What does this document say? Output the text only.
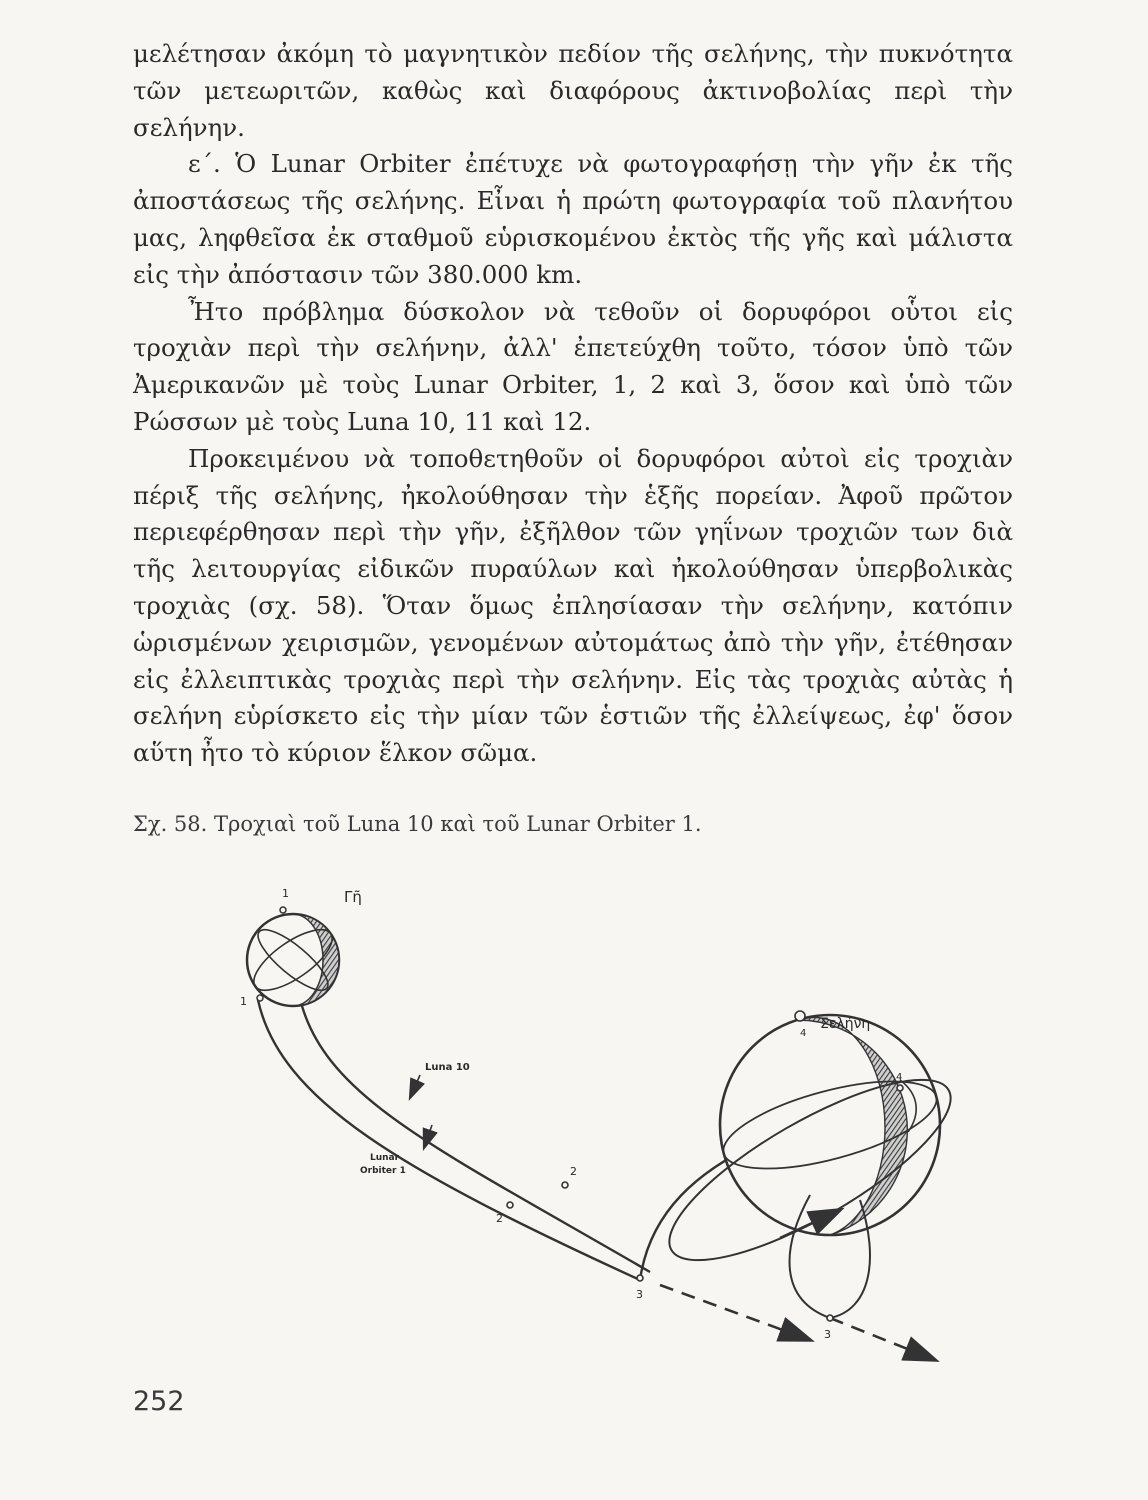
μελέτησαν ἀκόμη τὸ μαγνητικὸν πεδίον τῆς σελήνης, τὴν πυκνότητα τῶν μετεωριτῶν, καθὼς καὶ διαφόρους ἀκτινοβολίας περὶ τὴν σελήνην.

ε΄. Ὁ Lunar Orbiter ἐπέτυχε νὰ φωτογραφήσῃ τὴν γῆν ἐκ τῆς ἀποστάσεως τῆς σελήνης. Εἶναι ἡ πρώτη φωτογραφία τοῦ πλανήτου μας, ληφθεῖσα ἐκ σταθμοῦ εὑρισκομένου ἐκτὸς τῆς γῆς καὶ μάλιστα εἰς τὴν ἀπόστασιν τῶν 380.000 km.

Ἦτο πρόβλημα δύσκολον νὰ τεθοῦν οἱ δορυφόροι οὗτοι εἰς τροχιὰν περὶ τὴν σελήνην, ἀλλ' ἐπετεύχθη τοῦτο, τόσον ὑπὸ τῶν Ἀμερικανῶν μὲ τοὺς Lunar Orbiter, 1, 2 καὶ 3, ὅσον καὶ ὑπὸ τῶν Ρώσσων μὲ τοὺς Luna 10, 11 καὶ 12.

Προκειμένου νὰ τοποθετηθοῦν οἱ δορυφόροι αὐτοὶ εἰς τροχιὰν πέριξ τῆς σελήνης, ἠκολούθησαν τὴν ἑξῆς πορείαν. Ἀφοῦ πρῶτον περιεφέρθησαν περὶ τὴν γῆν, ἐξῆλθον τῶν γηΐνων τροχιῶν των διὰ τῆς λειτουργίας εἰδικῶν πυραύλων καὶ ἠκολούθησαν ὑπερβολικὰς τροχιὰς (σχ. 58). Ὅταν ὅμως ἐπλησίασαν τὴν σελήνην, κατόπιν ὡρισμένων χειρισμῶν, γενομένων αὐτομάτως ἀπὸ τὴν γῆν, ἐτέθησαν εἰς ἐλλειπτικὰς τροχιὰς περὶ τὴν σελήνην. Εἰς τὰς τροχιὰς αὐτὰς ἡ σελήνη εὑρίσκετο εἰς τὴν μίαν τῶν ἑστιῶν τῆς ἐλλείψεως, ἐφ' ὅσον αὕτη ἦτο τὸ κύριον ἕλκον σῶμα.

Σχ. 58. Τροχιαὶ τοῦ Luna 10 καὶ τοῦ Lunar Orbiter 1.
Γῆ
Σελήνη
Luna 10
Lunar
Orbiter 1
1
1
2
2
3
3
4
4
252
